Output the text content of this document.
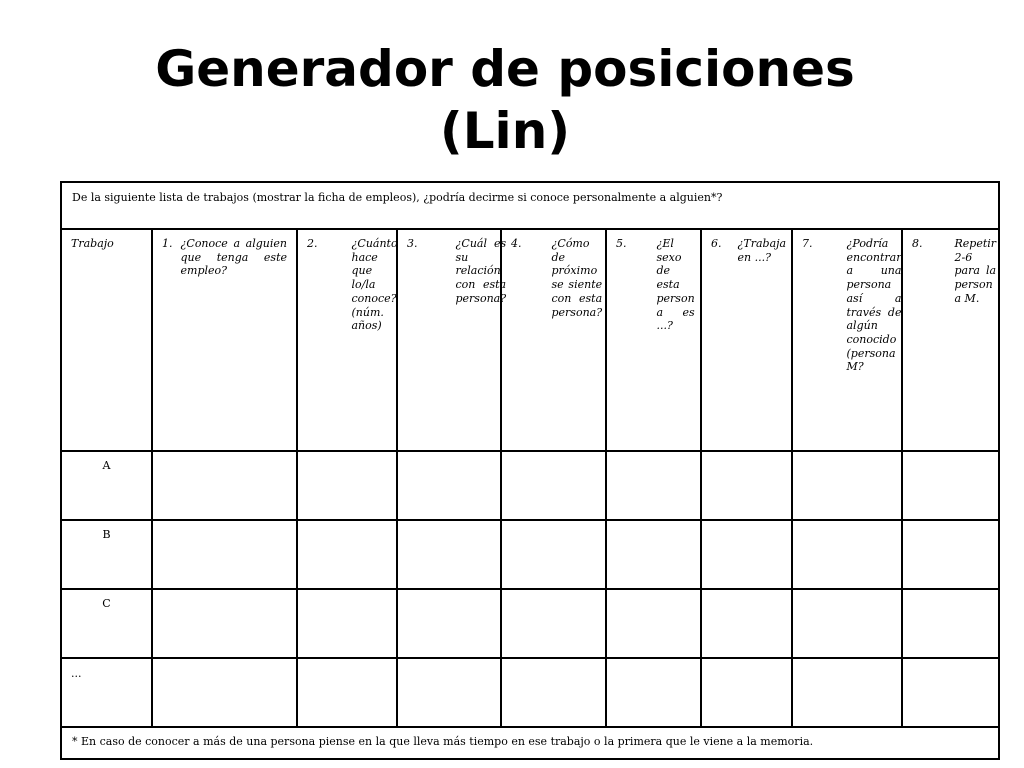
Generador de posiciones
(Lin)
De la siguiente lista de trabajos (mostrar la ficha de empleos), ¿podría decirme si conoce personalmente a alguien*?								

Trabajo	1. ¿Conoce a alguien que tenga este empleo?	2. ¿Cuánto hace que lo/la conoce? (núm. años)	3. ¿Cuál es su relación con esta persona?	4. ¿Cómo de próximo se siente con esta persona?	5. ¿El sexo de esta person a es ...?	6. ¿Trabaja en ...?	7. ¿Podría encontrar a una persona así a través de algún conocido (persona M?	8. Repetir 2-6 para la person a M.

A								

B								

C								

...								

* En caso de conocer a más de una persona piense en la que lleva más tiempo en ese trabajo o la primera que le viene a la memoria.								
